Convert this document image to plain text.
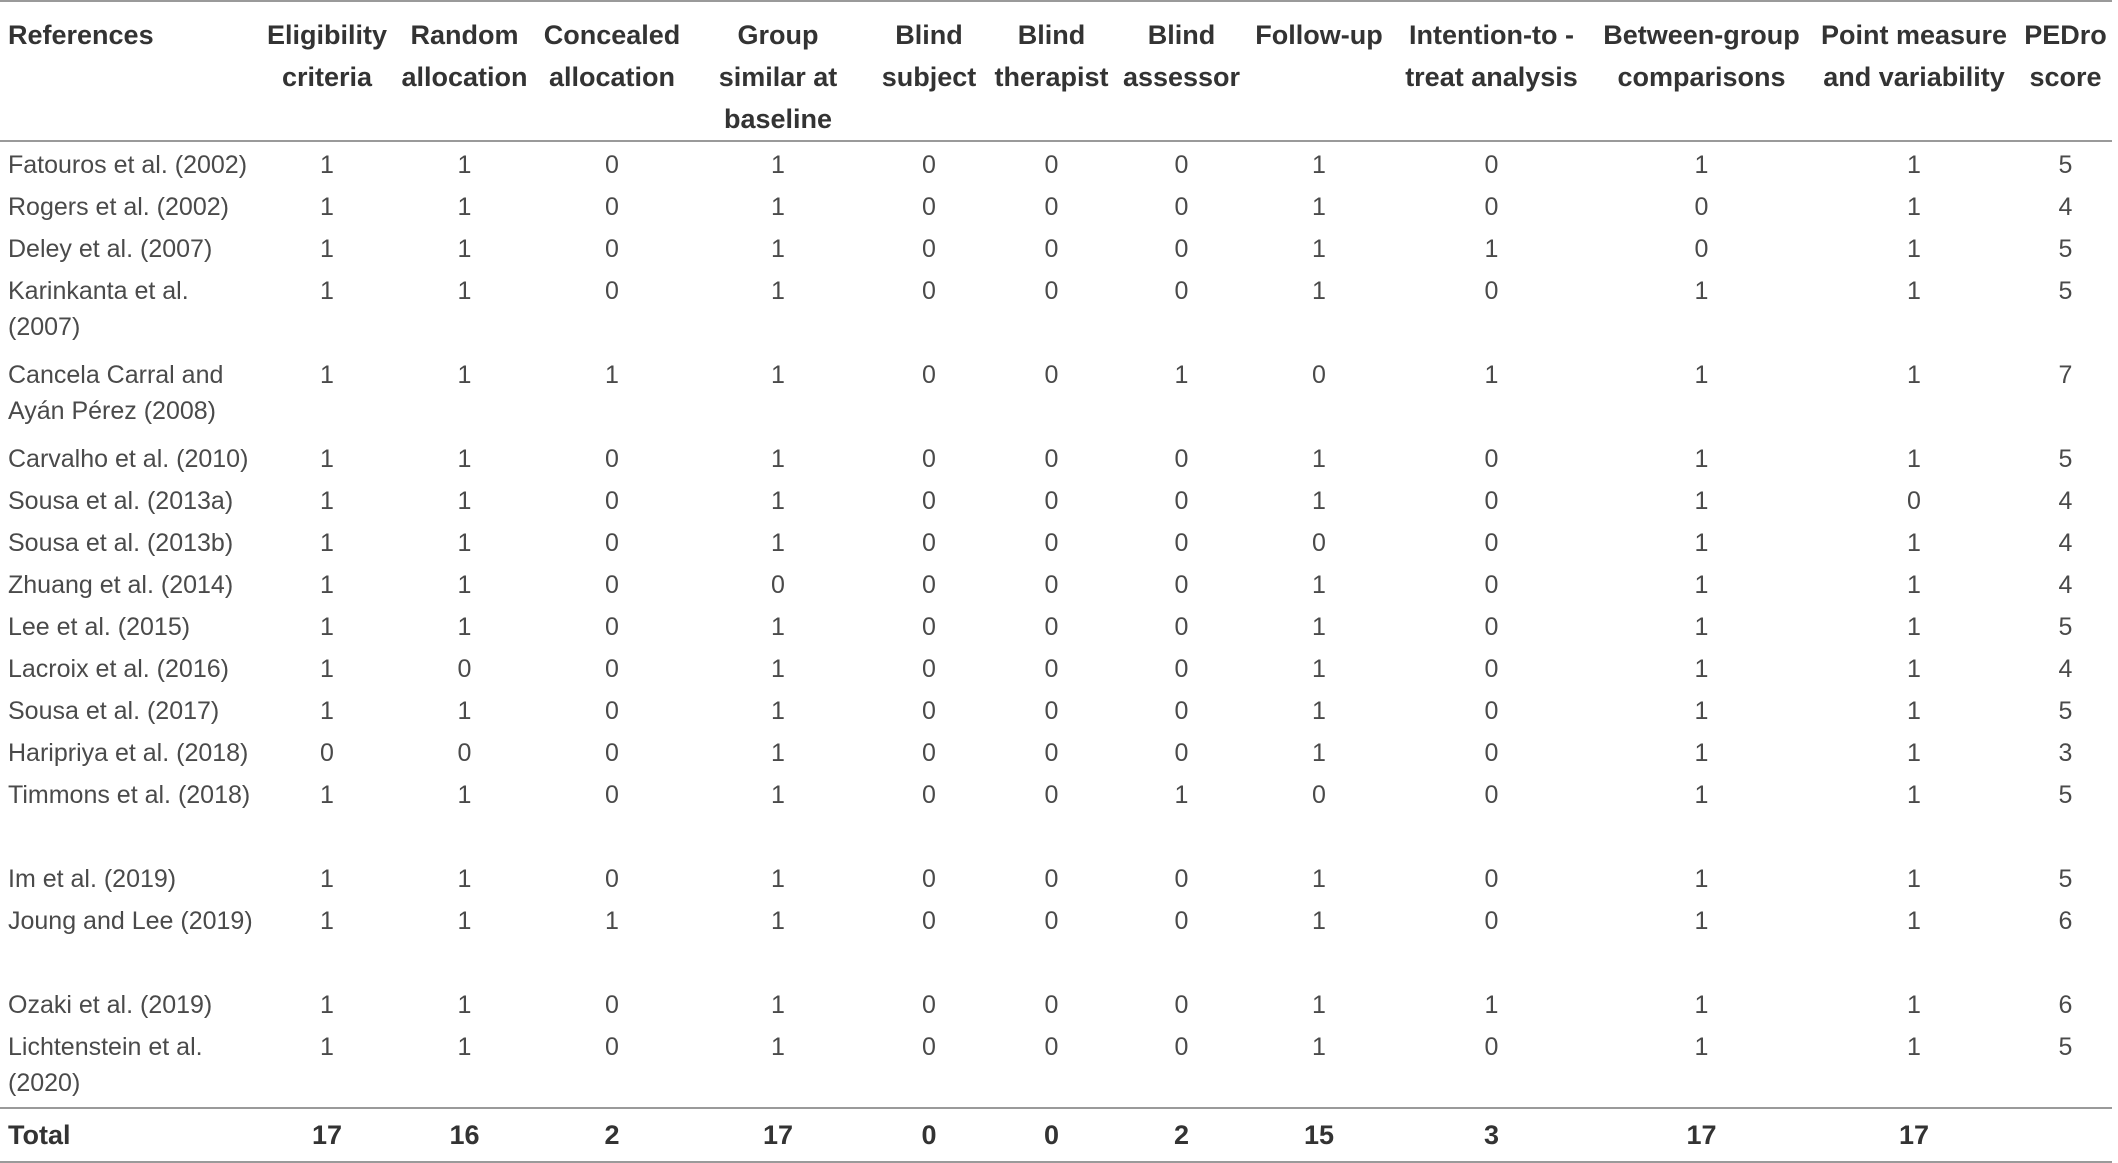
References	Eligibility criteria	Random allocation	Concealed allocation	Group similar at baseline	Blind subject	Blind therapist	Blind assessor	Follow-up	Intention-to -treat analysis	Between-group comparisons	Point measure and variability	PEDro score
Fatouros et al. (2002)	1	1	0	1	0	0	0	1	0	1	1	5
Rogers et al. (2002)	1	1	0	1	0	0	0	1	0	0	1	4
Deley et al. (2007)	1	1	0	1	0	0	0	1	1	0	1	5
Karinkanta et al. (2007)	1	1	0	1	0	0	0	1	0	1	1	5
Cancela Carral and Ayán Pérez (2008)	1	1	1	1	0	0	1	0	1	1	1	7
Carvalho et al. (2010)	1	1	0	1	0	0	0	1	0	1	1	5
Sousa et al. (2013a)	1	1	0	1	0	0	0	1	0	1	0	4
Sousa et al. (2013b)	1	1	0	1	0	0	0	0	0	1	1	4
Zhuang et al. (2014)	1	1	0	0	0	0	0	1	0	1	1	4
Lee et al. (2015)	1	1	0	1	0	0	0	1	0	1	1	5
Lacroix et al. (2016)	1	0	0	1	0	0	0	1	0	1	1	4
Sousa et al. (2017)	1	1	0	1	0	0	0	1	0	1	1	5
Haripriya et al. (2018)	0	0	0	1	0	0	0	1	0	1	1	3
Timmons et al. (2018)	1	1	0	1	0	0	1	0	0	1	1	5
Im et al. (2019)	1	1	0	1	0	0	0	1	0	1	1	5
Joung and Lee (2019)	1	1	1	1	0	0	0	1	0	1	1	6
Ozaki et al. (2019)	1	1	0	1	0	0	0	1	1	1	1	6
Lichtenstein et al. (2020)	1	1	0	1	0	0	0	1	0	1	1	5
Total	17	16	2	17	0	0	2	15	3	17	17	
